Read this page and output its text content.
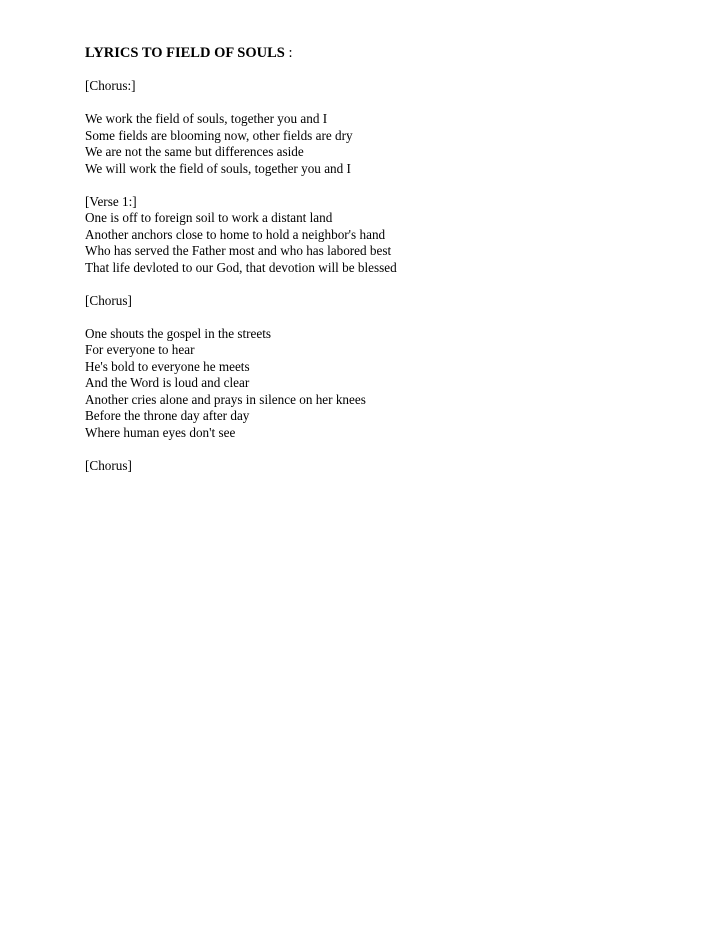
LYRICS TO FIELD OF SOULS :

[Chorus:]
We work the field of souls, together you and I
Some fields are blooming now, other fields are dry
We are not the same but differences aside
We will work the field of souls, together you and I
[Verse 1:]
One is off to foreign soil to work a distant land
Another anchors close to home to hold a neighbor's hand
Who has served the Father most and who has labored best
That life devloted to our God, that devotion will be blessed
[Chorus]
One shouts the gospel in the streets
For everyone to hear
He's bold to everyone he meets
And the Word is loud and clear
Another cries alone and prays in silence on her knees
Before the throne day after day
Where human eyes don't see
[Chorus]
